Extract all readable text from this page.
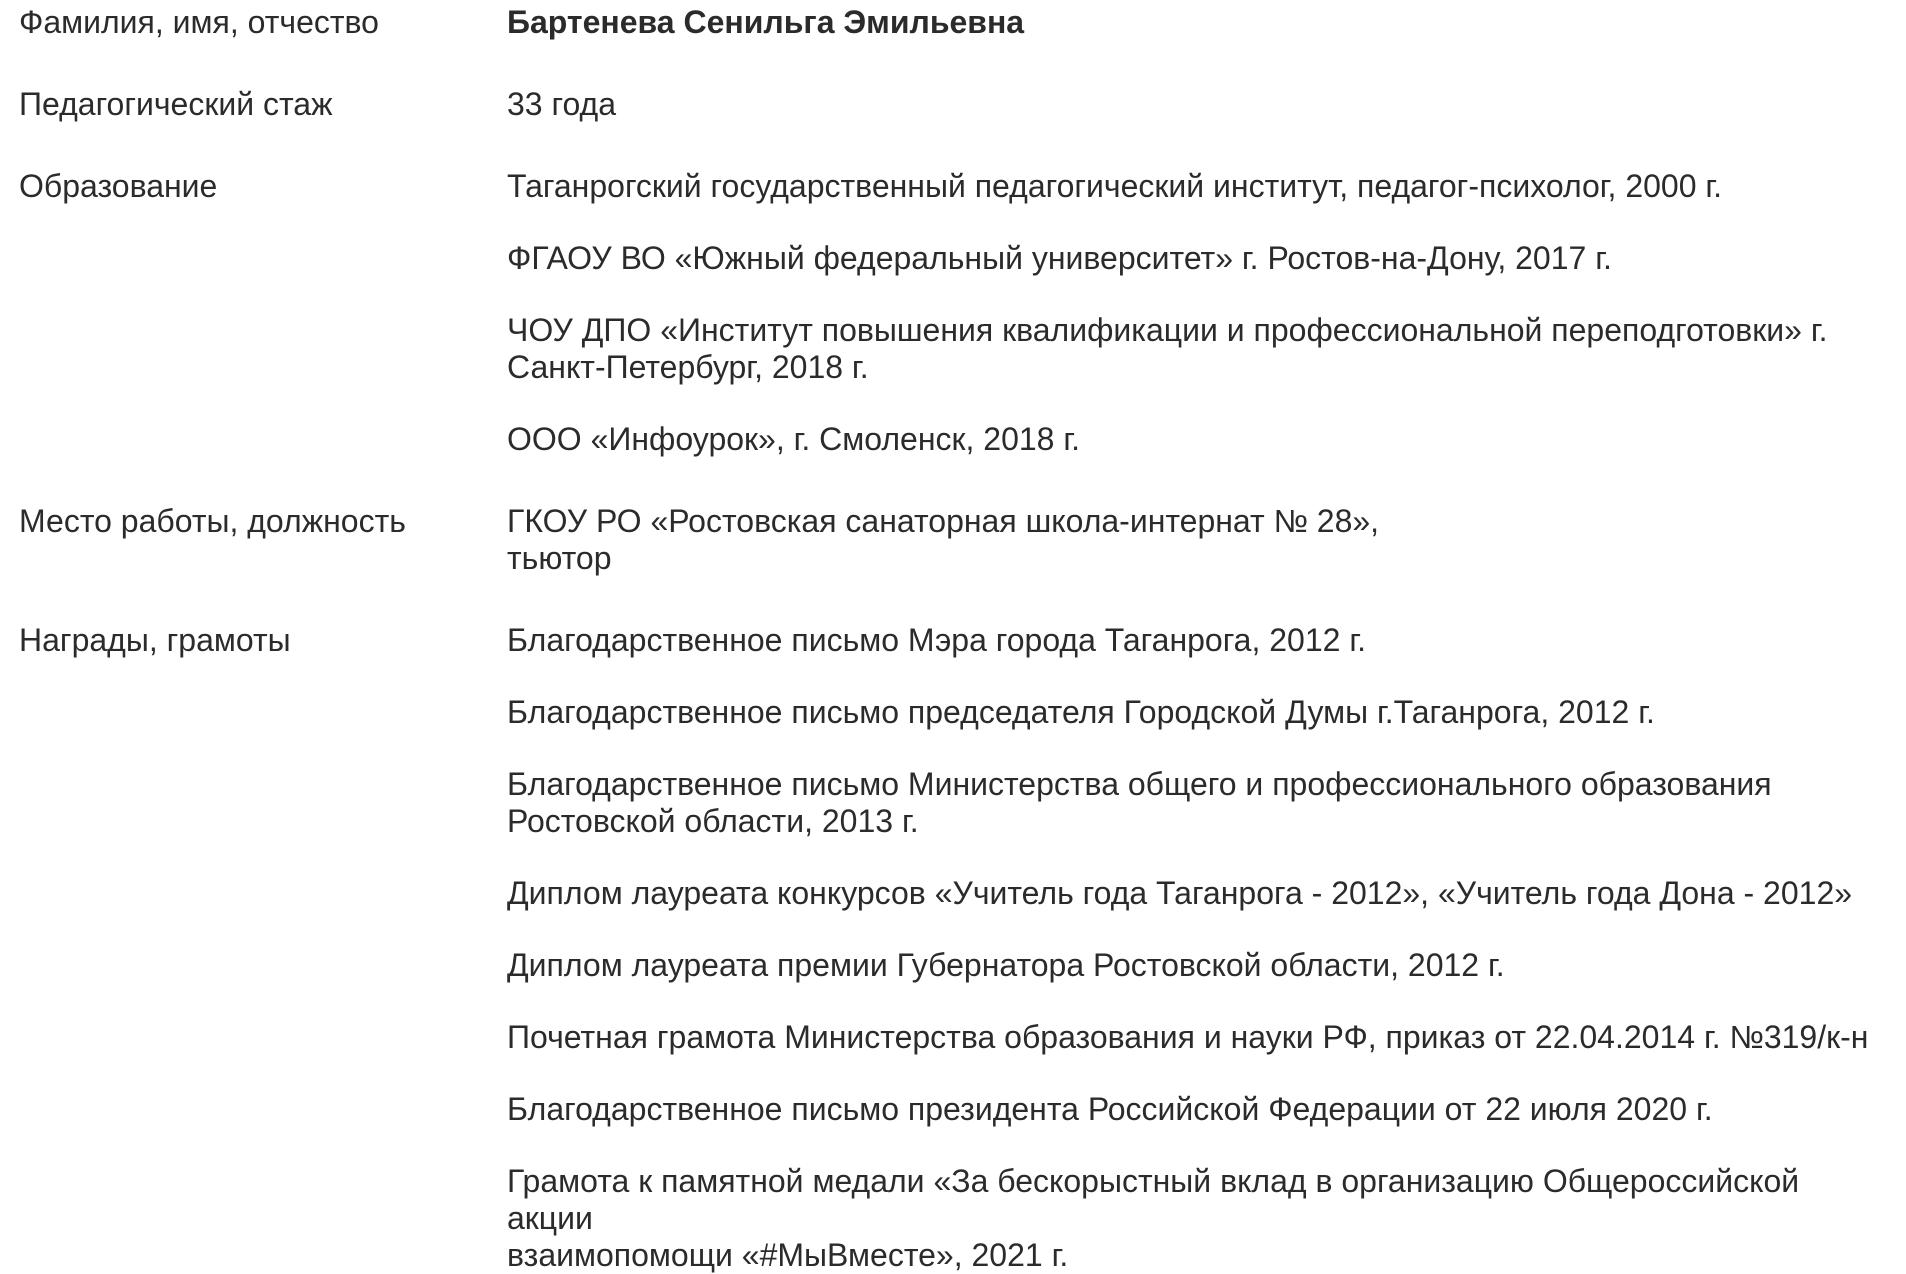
Фамилия, имя, отчество	Бартенева Сенильга Эмильевна
Педагогический стаж	33 года
Образование	Таганрогский государственный педагогический институт, педагог-психолог, 2000 г.
ФГАОУ ВО «Южный федеральный университет» г. Ростов-на-Дону, 2017 г.
ЧОУ ДПО «Институт повышения квалификации и профессиональной переподготовки» г.
Санкт-Петербург, 2018 г.
ООО «Инфоурок», г. Смоленск, 2018 г.
Место работы, должность	ГКОУ РО «Ростовская санаторная школа-интернат № 28»,
тьютор
Награды, грамоты	Благодарственное письмо Мэра города Таганрога, 2012 г.
Благодарственное письмо председателя Городской Думы г.Таганрога, 2012 г.
Благодарственное письмо Министерства общего и профессионального образования
Ростовской области, 2013 г.
Диплом лауреата конкурсов «Учитель года Таганрога - 2012», «Учитель года Дона - 2012»
Диплом лауреата премии Губернатора Ростовской области, 2012 г.
Почетная грамота Министерства образования и науки РФ, приказ от 22.04.2014 г. №319/к-н
Благодарственное письмо президента Российской Федерации от 22 июля 2020 г.
Грамота к памятной медали «За бескорыстный вклад в организацию Общероссийской акции
взаимопомощи «#МыВместе», 2021 г.
